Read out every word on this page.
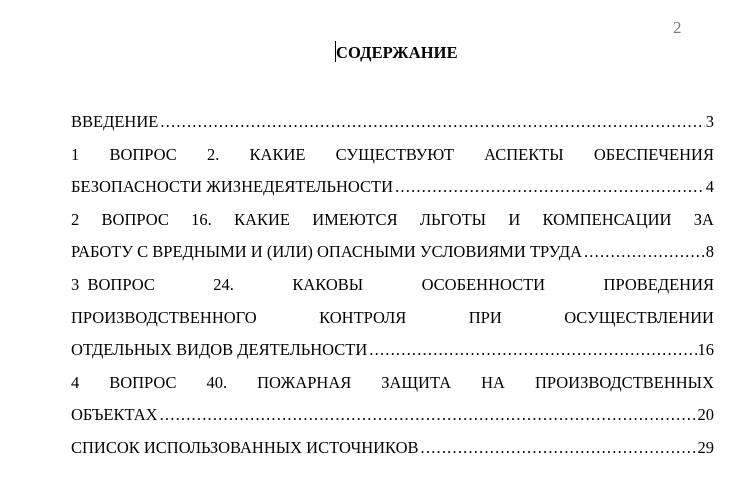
2
СОДЕРЖАНИЕ
ВВЕДЕНИЕ .....	3
1 ВОПРОС 2. КАКИЕ СУЩЕСТВУЮТ АСПЕКТЫ ОБЕСПЕЧЕНИЯ
БЕЗОПАСНОСТИ ЖИЗНЕДЕЯТЕЛЬНОСТИ .....	4
2 ВОПРОС 16. КАКИЕ ИМЕЮТСЯ ЛЬГОТЫ И КОМПЕНСАЦИИ ЗА
РАБОТУ С ВРЕДНЫМИ И (ИЛИ) ОПАСНЫМИ УСЛОВИЯМИ ТРУДА .....	8
3  ВОПРОС	24.	КАКОВЫ	ОСОБЕННОСТИ	ПРОВЕДЕНИЯ
ПРОИЗВОДСТВЕННОГО	КОНТРОЛЯ	ПРИ	ОСУЩЕСТВЛЕНИИ
ОТДЕЛЬНЫХ ВИДОВ ДЕЯТЕЛЬНОСТИ .....	16
4 ВОПРОС 40. ПОЖАРНАЯ ЗАЩИТА НА ПРОИЗВОДСТВЕННЫХ
ОБЪЕКТАХ .....	20
СПИСОК ИСПОЛЬЗОВАННЫХ ИСТОЧНИКОВ .....	29
